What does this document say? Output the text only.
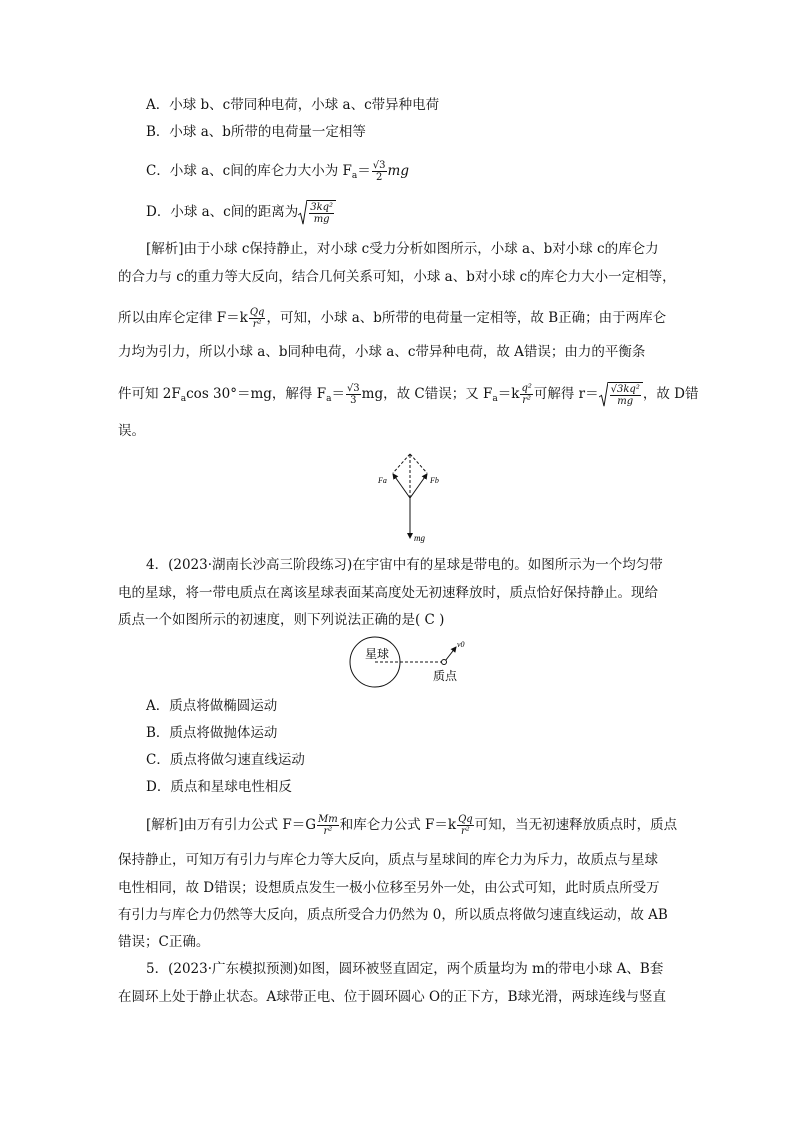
A．小球 b、c带同种电荷，小球 a、c带异种电荷
B．小球 a、b所带的电荷量一定相等
C．小球 a、c间的库仑力大小为 $F_a= \frac{√3}{2}$ mg
D．小球 a、c间的距离为 $\frac{\text{3kq²}}{mg}$
[解析]由于小球 c保持静止，对小球 c受力分析如图所示，小球 a、b对小球 c的库仑力
的合力与 c的重力等大反向，结合几何关系可知，小球 a、b对小球 c的库仑力大小一定相等，
所以由库仑定律 $F=k \frac{Qq}{\text{r²}}$ ，可知，小球 a、b所带的电荷量一定相等，故 B正确；由于两库仑
力均为引力，所以小球 a、b同种电荷，小球 a、c带异种电荷，故 A错误；由力的平衡条
件可知 $2F_a\cos$ 30°＝mg，解得 $F_a= \frac{√3}{3}$ mg，故 C错误；又 $F_a=k \frac{\text{q²}}{\text{r²}}$ 可解得 $r= \frac{\text{√3kq²}}{mg}$ ，故 D错
误。
Fa	Fb
mg
4．(2023·湖南长沙高三阶段练习)在宇宙中有的星球是带电的。如图所示为一个均匀带
电的星球，将一带电质点在离该星球表面某高度处无初速释放时，质点恰好保持静止。现给
质点一个如图所示的初速度，则下列说法正确的是( C )
星球
质点
v0
A．质点将做椭圆运动
B．质点将做抛体运动
C．质点将做匀速直线运动
D．质点和星球电性相反
[解析]由万有引力公式 $F=G \frac{Mm}{\text{r²}}$ 和库仑力公式 $F=k \frac{Qq}{\text{r²}}$ 可知，当无初速释放质点时，质点
保持静止，可知万有引力与库仑力等大反向，质点与星球间的库仑力为斥力，故质点与星球
电性相同，故 D错误；设想质点发生一极小位移至另外一处，由公式可知，此时质点所受万
有引力与库仑力仍然等大反向，质点所受合力仍然为 0，所以质点将做匀速直线运动，故 AB
错误；C正确。
5．(2023·广东模拟预测)如图，圆环被竖直固定，两个质量均为 m的带电小球 A、B套
在圆环上处于静止状态。A球带正电、位于圆环圆心 O的正下方，B球光滑，两球连线与竖直
